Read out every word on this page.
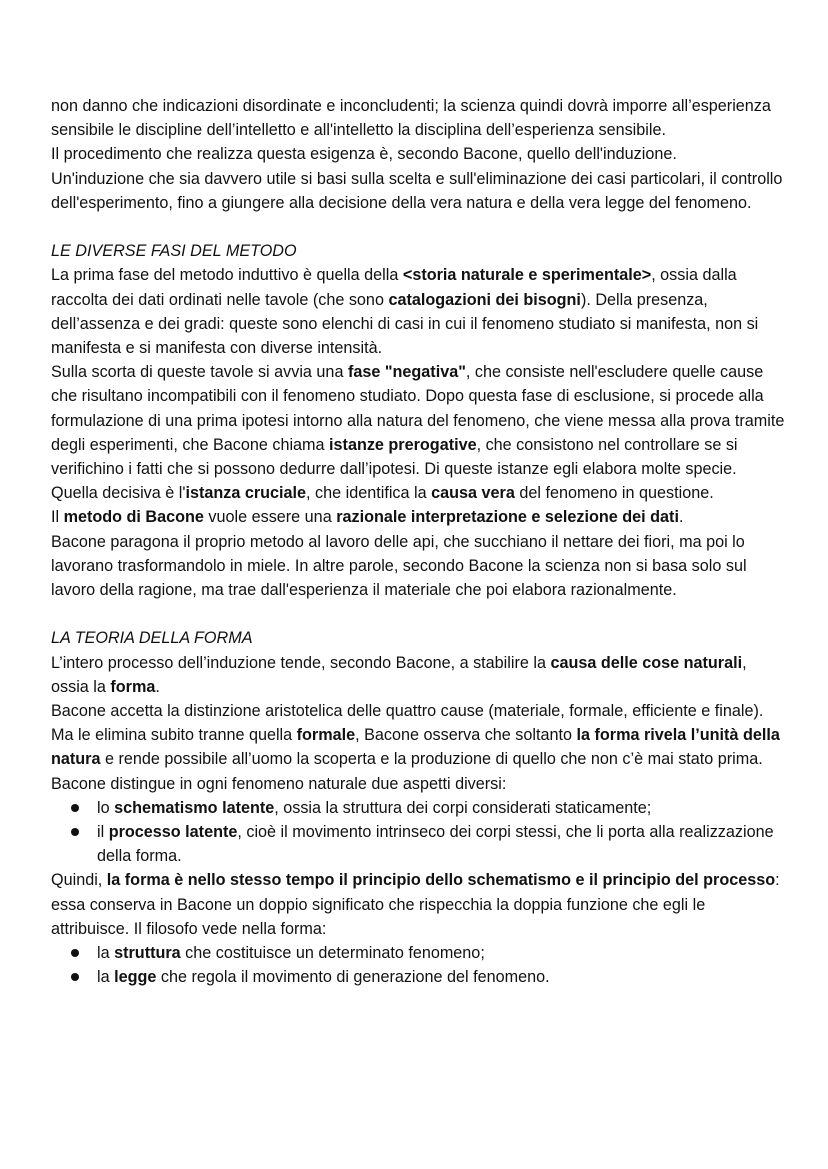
non danno che indicazioni disordinate e inconcludenti; la scienza quindi dovrà imporre all’esperienza sensibile le discipline dell’intelletto e all'intelletto la disciplina dell’esperienza sensibile.
Il procedimento che realizza questa esigenza è, secondo Bacone, quello dell'induzione.
Un'induzione che sia davvero utile si basi sulla scelta e sull'eliminazione dei casi particolari, il controllo dell'esperimento, fino a giungere alla decisione della vera natura e della vera legge del fenomeno.

LE DIVERSE FASI DEL METODO

La prima fase del metodo induttivo è quella della <storia naturale e sperimentale>, ossia dalla raccolta dei dati ordinati nelle tavole (che sono catalogazioni dei bisogni). Della presenza, dell’assenza e dei gradi: queste sono elenchi di casi in cui il fenomeno studiato si manifesta, non si manifesta e si manifesta con diverse intensità.

Sulla scorta di queste tavole si avvia una fase "negativa", che consiste nell'escludere quelle cause che risultano incompatibili con il fenomeno studiato. Dopo questa fase di esclusione, si procede alla formulazione di una prima ipotesi intorno alla natura del fenomeno, che viene messa alla prova tramite degli esperimenti, che Bacone chiama istanze prerogative, che consistono nel controllare se si verifichino i fatti che si possono dedurre dall’ipotesi. Di queste istanze egli elabora molte specie. Quella decisiva è l'istanza cruciale, che identifica la causa vera del fenomeno in questione.

Il metodo di Bacone vuole essere una razionale interpretazione e selezione dei dati.

Bacone paragona il proprio metodo al lavoro delle api, che succhiano il nettare dei fiori, ma poi lo lavorano trasformandolo in miele. In altre parole, secondo Bacone la scienza non si basa solo sul lavoro della ragione, ma trae dall'esperienza il materiale che poi elabora razionalmente.

LA TEORIA DELLA FORMA

L’intero processo dell’induzione tende, secondo Bacone, a stabilire la causa delle cose naturali, ossia la forma.

Bacone accetta la distinzione aristotelica delle quattro cause (materiale, formale, efficiente e finale). Ma le elimina subito tranne quella formale, Bacone osserva che soltanto la forma rivela l’unità della natura e rende possibile all’uomo la scoperta e la produzione di quello che non c’è mai stato prima. Bacone distingue in ogni fenomeno naturale due aspetti diversi:

lo schematismo latente, ossia la struttura dei corpi considerati staticamente;
il processo latente, cioè il movimento intrinseco dei corpi stessi, che li porta alla realizzazione della forma.

Quindi, la forma è nello stesso tempo il principio dello schematismo e il principio del processo: essa conserva in Bacone un doppio significato che rispecchia la doppia funzione che egli le attribuisce. Il filosofo vede nella forma:

la struttura che costituisce un determinato fenomeno;
la legge che regola il movimento di generazione del fenomeno.
